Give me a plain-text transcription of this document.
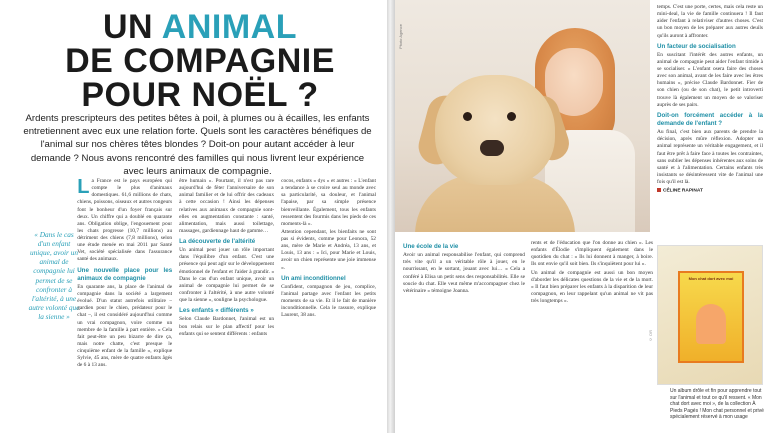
UN ANIMAL
DE COMPAGNIE
POUR NOËL ?

Ardents prescripteurs des petites bêtes à poil, à plumes ou à écailles, les enfants entretiennent avec eux une relation forte. Quels sont les caractères bénéfiques de l'animal sur nos chères têtes blondes ? Doit-on pour autant accéder à leur demande ? Nous avons rencontré des familles qui nous livrent leur expérience avec leurs animaux de compagnie.

« Dans le cas d'un enfant unique, avoir un animal de compagnie lui permet de se confronter à l'altérité, à une autre volonté que la sienne »

La France est le pays européen qui compte le plus d'animaux domestiques. 61,6 millions de chats, chiens, poissons, oiseaux et autres rongeurs font le bonheur d'un foyer français sur deux. Un chiffre qui a doublé en quarante ans. Obligation oblige, l'engouement pour les chats progresse (10,7 millions) au détriment des chiens (7,8 millions), selon une étude menée en mai 2011 par Santé Vet, société spécialisée dans l'assurance santé des animaux.

Une nouvelle place pour les animaux de compagnie

En quarante ans, la place de l'animal de compagnie dans la société a largement évolué. D'un statut autrefois utilitaire – gardien pour le chien, prédateur pour le chat –, il est considéré aujourd'hui comme un vrai compagnon, voire comme un membre de la famille à part entière. « Cela fait peut-être un peu bizarre de dire ça, mais notre chatte, c'est presque le cinquième enfant de la famille », explique Sylvie, 45 ans, mère de quatre enfants âgés de 6 à 13 ans.

être humain ». Pourtant, il n'est pas rare aujourd'hui de fêter l'anniversaire de son animal familier et de lui offrir des cadeaux à cette occasion ! Ainsi les dépenses relatives aux animaux de compagnie sont-elles en augmentation constante : santé, alimentation, mais aussi toilettage, massages, gardiennage haut de gamme…

La découverte de l'altérité

Un animal peut jouer un rôle important dans l'équilibre d'un enfant. C'est une présence qui peut agir sur le développement émotionnel de l'enfant et l'aider à grandir. « Dans le cas d'un enfant unique, avoir un animal de compagnie lui permet de se confronter à l'altérité, à une autre volonté que la sienne », souligne la psychologue.

Les enfants « différents »

Selon Claude Bardonnet, l'animal est un bon relais sur le plan affectif pour les enfants qui se sentent différents : enfants

cocos, enfants « dys » et autres : « L'enfant a tendance à se croire seul au monde avec sa particularité, sa douleur, et l'animal l'apaise, par sa simple présence bienveillante. Également, tous les enfants ressentent des fourmis dans les pieds de ces moments-là ».

Attention cependant, les bienfaits ne sont pas si évidents, comme pour Leonora, 52 ans, mère de Marie et Andréa, 13 ans, et Louis, 13 ans : « Ici, pour Marie et Louis, avoir un chien représente une joie immense ».

Un ami inconditionnel

Confident, compagnon de jeu, complice, l'animal partage avec l'enfant les petits moments de sa vie. Et il le fait de manière inconditionnelle. Cela le rassure, explique Laurent, 38 ans.

Photo Agence

temps. C'est une porte, certes, mais cela reste un mini-deal, la vie de famille continuera ! Il faut aider l'enfant à relativiser d'autres choses. C'est un bon moyen de les préparer aux autres deuils qu'ils auront à affronter.

Un facteur de socialisation

En suscitant l'intérêt des autres enfants, un animal de compagnie peut aider l'enfant timide à se socialiser. « L'enfant osera faire des choses avec son animal, avant de les faire avec les êtres humains », précise Claude Bardonnet. Fier de son chien (ou de son chat), le petit introverti trouve là également un moyen de se valoriser auprès de ses pairs.

Doit-on forcément accéder à la demande de l'enfant ?

Au final, c'est bien aux parents de prendre la décision, après mûre réflexion. Adopter un animal représente un véritable engagement, et il faut être prêt à faire face à toutes les contraintes, sans oublier les dépenses inhérentes aux soins de santé et à l'alimentation. Certains enfants très insistants se désintéressent vite de l'animal une fois qu'il est là.

CÉLINE RAPINAT
Une école de la vie

Avoir un animal responsabilise l'enfant, qui comprend très vite qu'il a un véritable rôle à jouer, en le nourrissant, en le sortant, jouant avec lui… « Cela a conféré à Elisa un petit sens des responsabilités. Elle se soucie du chat. Elle veut même m'accompagner chez le vétérinaire » témoigne Joanna.

rents et de l'éducation que l'on donne au chien ». Les enfants d'Élodie s'impliquent également dans le quotidien du chat : « Ils lui donnent à manger, à boire. Ils ont envie qu'il soit bien. Ils s'inquiètent pour lui ».

Un animal de compagnie est aussi un bon moyen d'aborder les délicates questions de la vie et de la mort. « Il faut bien préparer les enfants à la disparition de leur compagnon, en leur rappelant qu'un animal ne vit pas très longtemps ».

© DR
Mon chat dort avec moi
Un album drôle et fin pour apprendre tout sur l'animal et tout ce qu'il ressent. « Mon chat dort avec moi », de la collection À Pieds Pagés ! Mon chat personnel et privé spécialement réservé à mon usage
